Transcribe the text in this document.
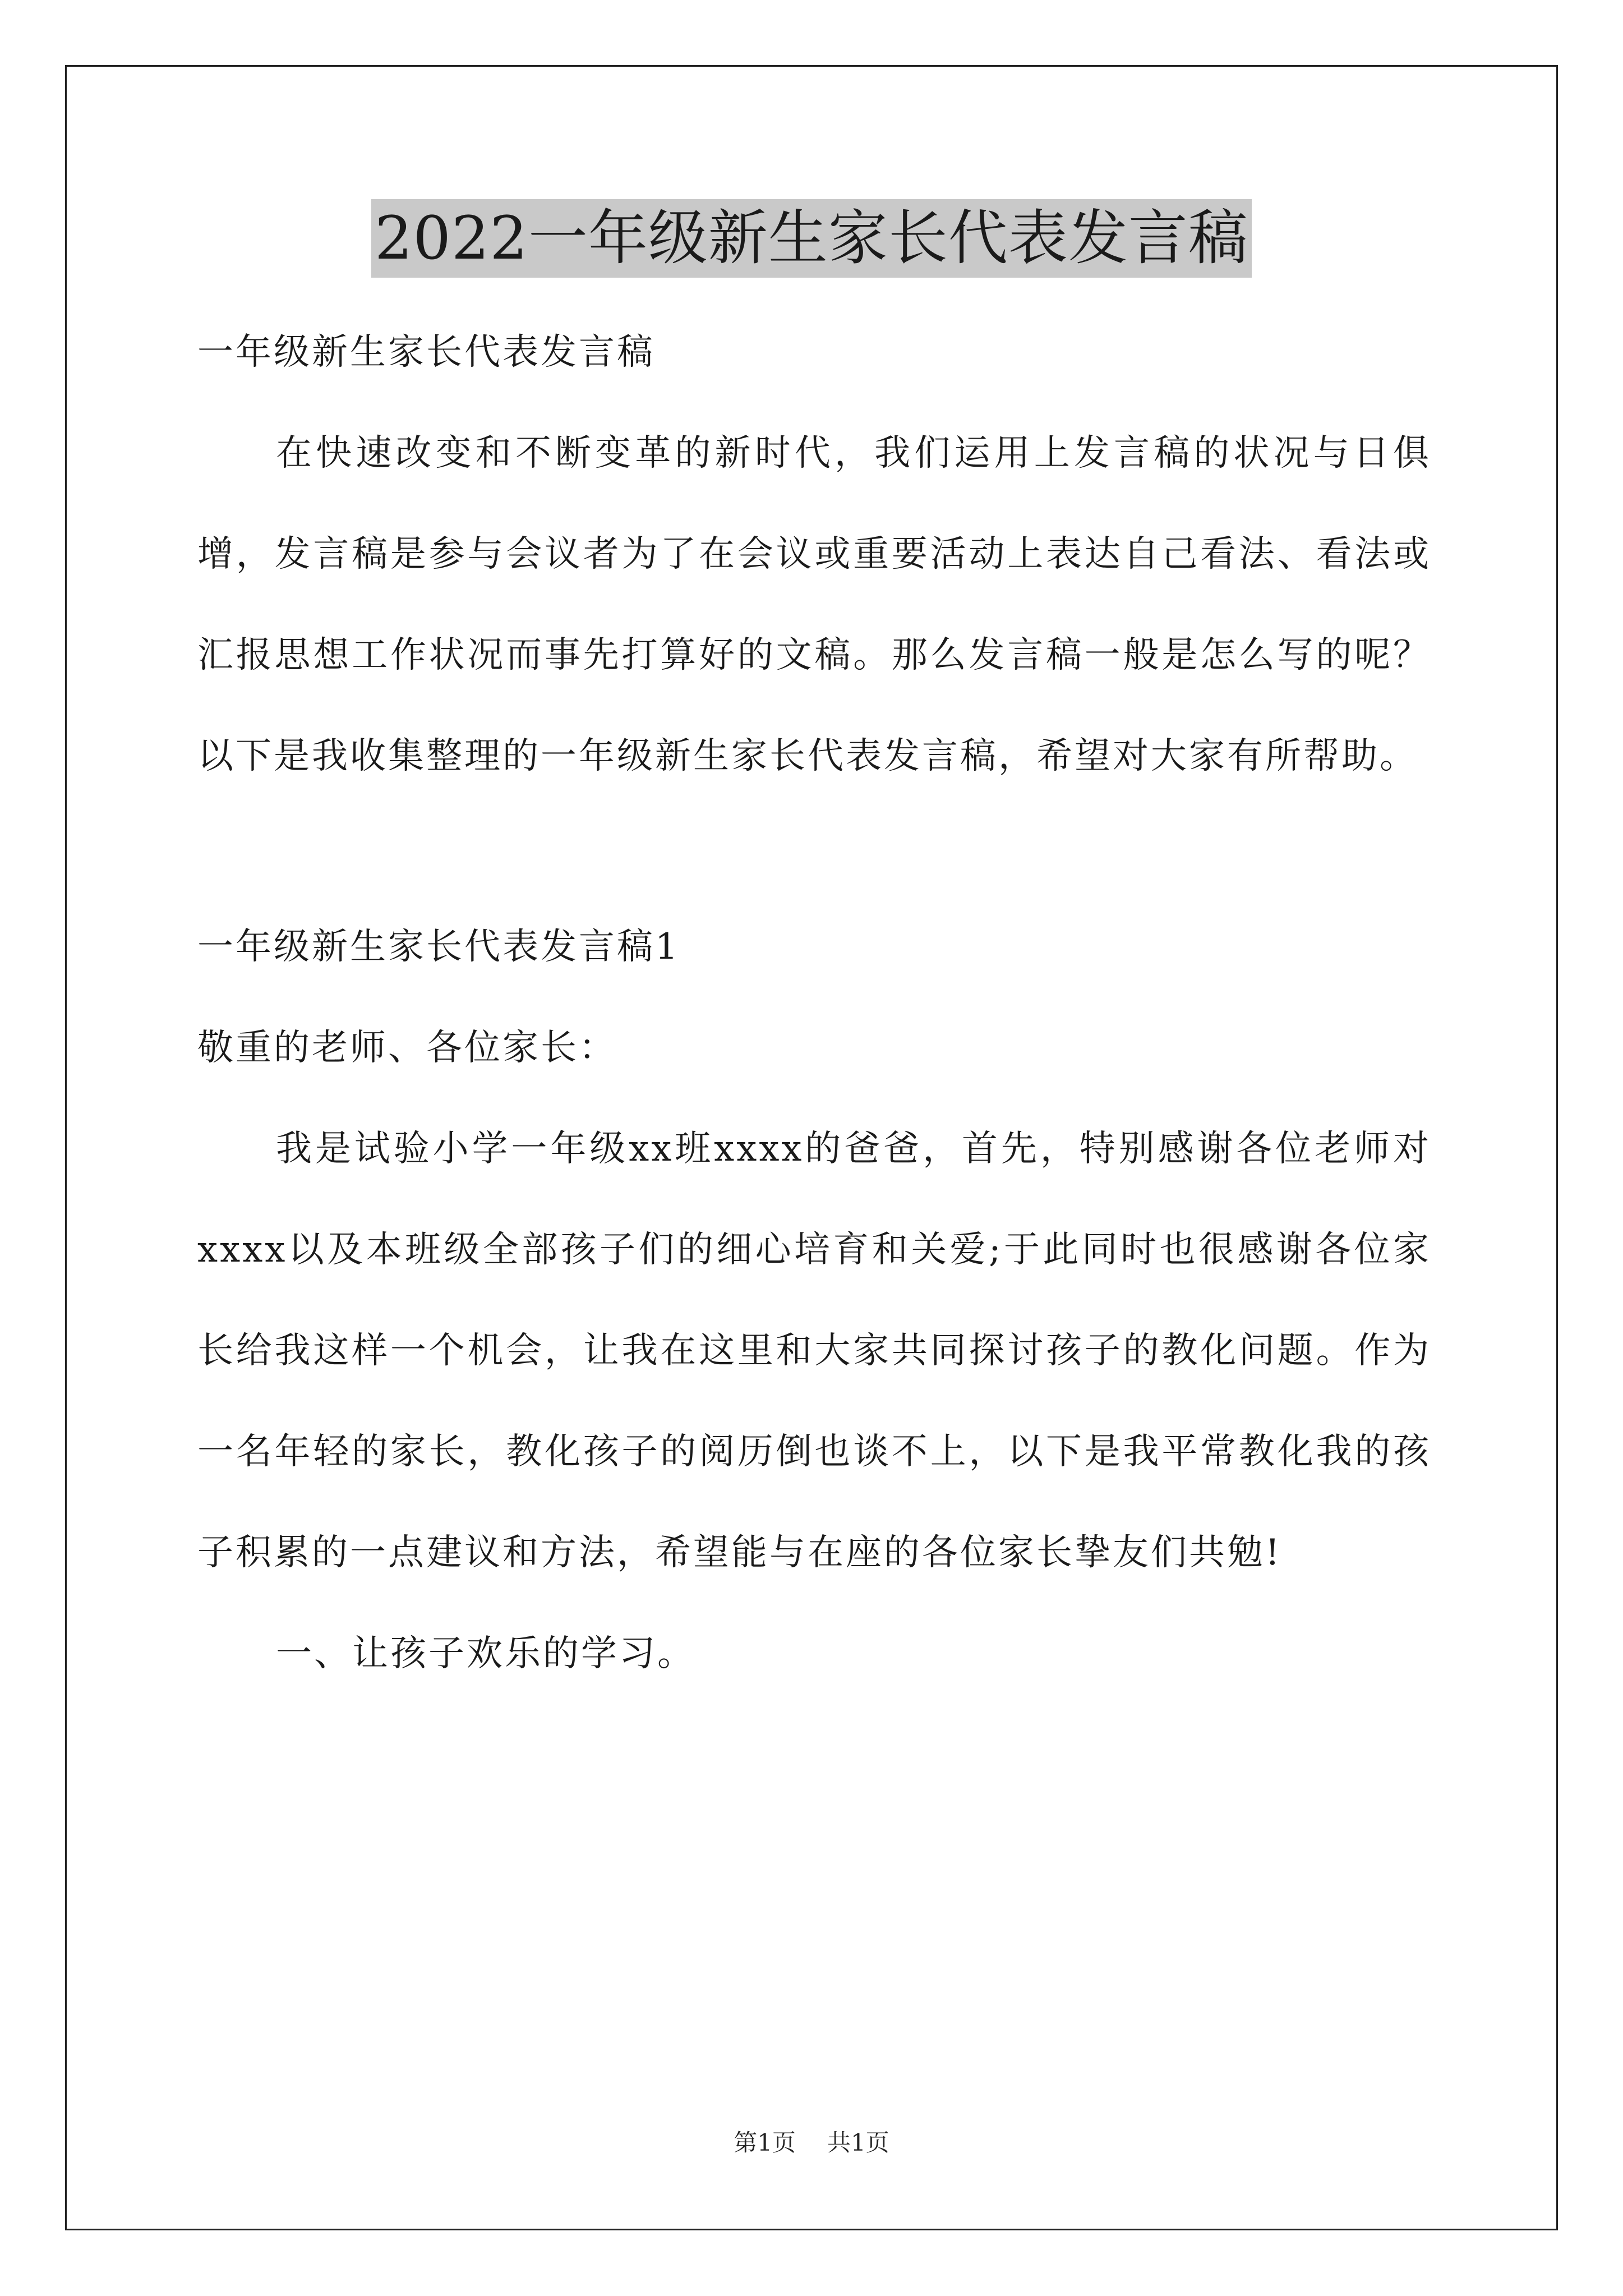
2022一年级新生家长代表发言稿
一年级新生家长代表发言稿

在快速改变和不断变革的新时代，我们运用上发言稿的状况与日俱增，发言稿是参与会议者为了在会议或重要活动上表达自己看法、看法或汇报思想工作状况而事先打算好的文稿。那么发言稿一般是怎么写的呢？以下是我收集整理的一年级新生家长代表发言稿，希望对大家有所帮助。

一年级新生家长代表发言稿1
敬重的老师、各位家长：

我是试验小学一年级xx班xxxx的爸爸，首先，特别感谢各位老师对xxxx以及本班级全部孩子们的细心培育和关爱;于此同时也很感谢各位家长给我这样一个机会，让我在这里和大家共同探讨孩子的教化问题。作为一名年轻的家长，教化孩子的阅历倒也谈不上，以下是我平常教化我的孩子积累的一点建议和方法，希望能与在座的各位家长挚友们共勉!

一、让孩子欢乐的学习。

第1页 共1页
